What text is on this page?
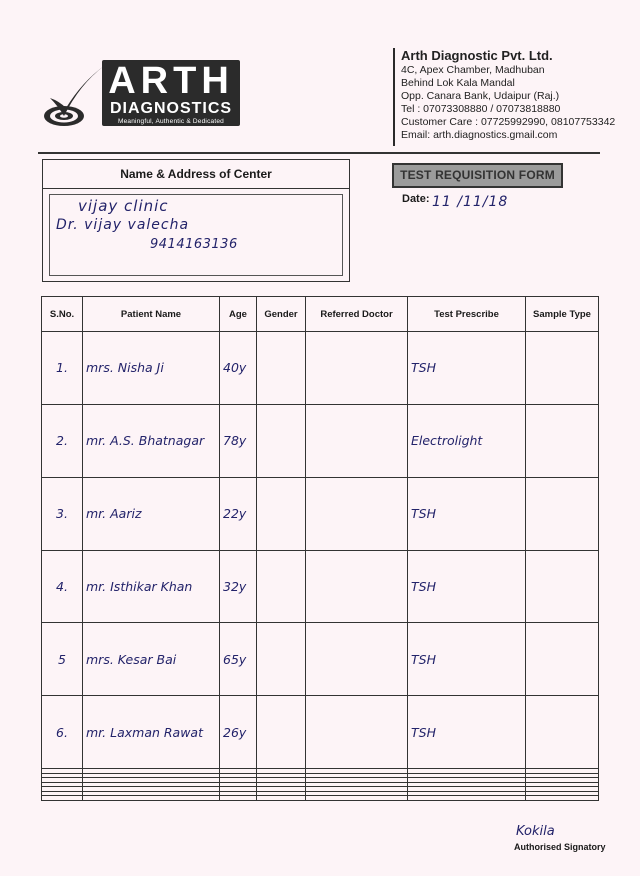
ARTH
DIAGNOSTICS
Meaningful, Authentic & Dedicated
Arth Diagnostic Pvt. Ltd.
4C, Apex Chamber, Madhuban
Behind Lok Kala Mandal
Opp. Canara Bank, Udaipur (Raj.)
Tel : 07073308880 / 07073818880
Customer Care : 07725992990, 08107753342
Email: arth.diagnostics.gmail.com
Name & Address of Center
vijay clinic
Dr. vijay valecha
9414163136
TEST REQUISITION FORM
Date: 11 /11/18
S.No.	Patient Name	Age	Gender	Referred Doctor	Test Prescribe	Sample Type
1.	mrs. Nisha Ji	40y			TSH	
2.	mr. A.S. Bhatnagar	78y			Electrolight	
3.	mr. Aariz	22y			TSH	
4.	mr. Isthikar Khan	32y			TSH	
5	mrs. Kesar Bai	65y			TSH	
6.	mr. Laxman Rawat	26y			TSH	

Kokila
Authorised Signatory
